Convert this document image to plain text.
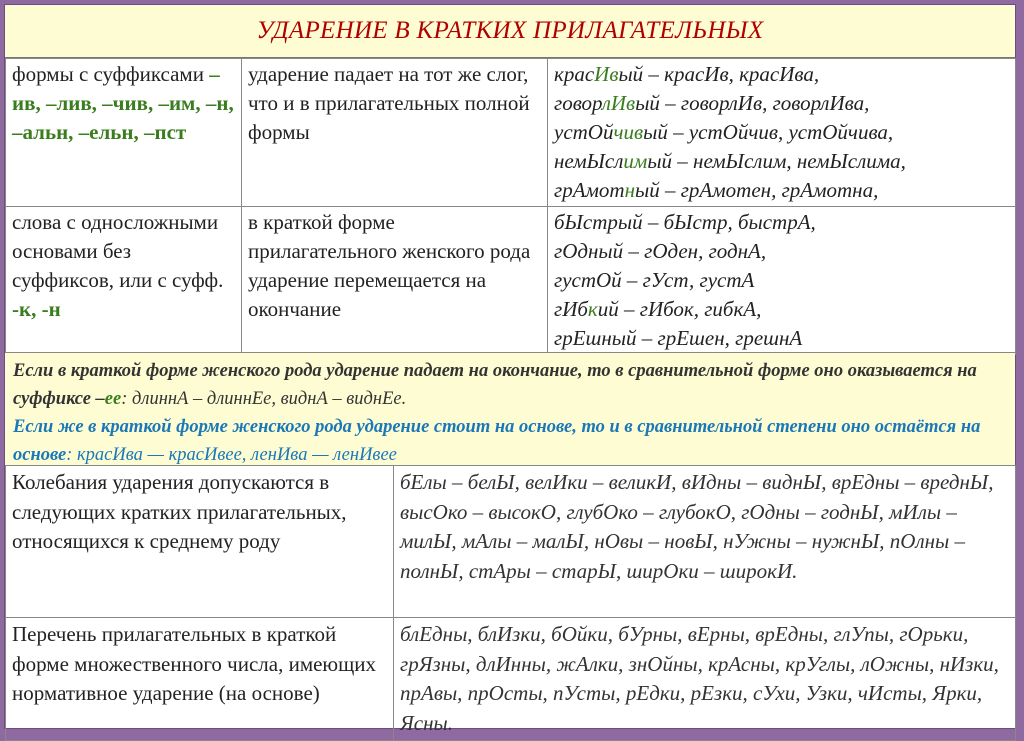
УДАРЕНИЕ В КРАТКИХ ПРИЛАГАТЕЛЬНЫХ
формы с суффиксами –ив, –лив, –чив, –им, –н, –альн, –ельн, –пст	ударение падает на тот же слог, что и в прилагательных полной формы	красИвый – красИв, красИва,
говорлИвый – говорлИв, говорлИва,
устОйчивый – устОйчив, устОйчива,
немЫслимый – немЫслим, немЫслима,
грАмотный – грАмотен, грАмотна,

слова с односложными основами без суффиксов, или с суфф. -к, -н	в краткой форме прилагательного женского рода ударение перемещается на окончание	бЫстрый – бЫстр, быстрА,
гОдный – гОден, годнА,
густОй – гУст, густА
гИбкий – гИбок, гибкА,
грЕшный – грЕшен, грешнА
Если в краткой форме женского рода ударение падает на окончание, то в сравнительной форме оно оказывается на суффиксе –ее: длиннА – длиннЕе, виднА – виднЕе.
Если же в краткой форме женского рода ударение стоит на основе, то и в сравнительной степени оно остаётся на основе: красИва — красИвее, ленИва — ленИвее
Колебания ударения допускаются в следующих кратких прилагательных, относящихся к среднему роду	бЕлы – белЫ, велИки – великИ, вИдны – виднЫ, врЕдны – вреднЫ, высОко – высокО, глубОко – глубокО, гОдны – годнЫ, мИлы – милЫ, мАлы – малЫ, нОвы – новЫ, нУжны – нужнЫ, пОлны – полнЫ, стАры – старЫ, ширОки – широкИ.
Перечень прилагательных в краткой форме множественного числа, имеющих нормативное ударение (на основе)	блЕдны, блИзки, бОйки, бУрны, вЕрны, врЕдны, глУпы, гОрьки, грЯзны, длИнны, жАлки, знОйны, крАсны, крУглы, лОжны, нИзки, прАвы, прОсты, пУсты, рЕдки, рЕзки, сУхи, Узки, чИсты, Ярки, Ясны.
